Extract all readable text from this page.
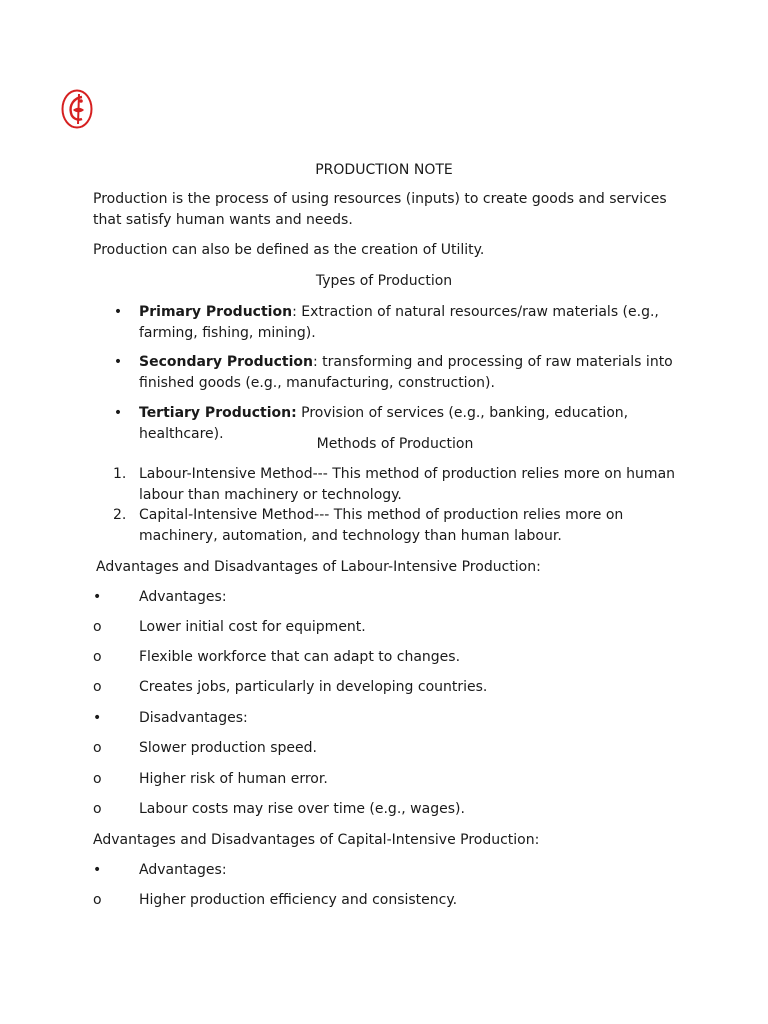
PRODUCTION NOTE
Production is the process of using resources (inputs) to create goods and services that satisfy human wants and needs.
Production can also be defined as the creation of Utility.
Types of Production
• Primary Production: Extraction of natural resources/raw materials (e.g., farming, fishing, mining).
• Secondary Production: transforming and processing of raw materials into finished goods (e.g., manufacturing, construction).
• Tertiary Production: Provision of services (e.g., banking, education, healthcare).
Methods of Production
1. Labour-Intensive Method--- This method of production relies more on human labour than machinery or technology.
2. Capital-Intensive Method--- This method of production relies more on machinery, automation, and technology than human labour.
Advantages and Disadvantages of Labour-Intensive Production:
•	Advantages:
o	Lower initial cost for equipment.
o	Flexible workforce that can adapt to changes.
o	Creates jobs, particularly in developing countries.
•	Disadvantages:
o	Slower production speed.
o	Higher risk of human error.
o	Labour costs may rise over time (e.g., wages).
Advantages and Disadvantages of Capital-Intensive Production:
•	Advantages:
o	Higher production efficiency and consistency.
